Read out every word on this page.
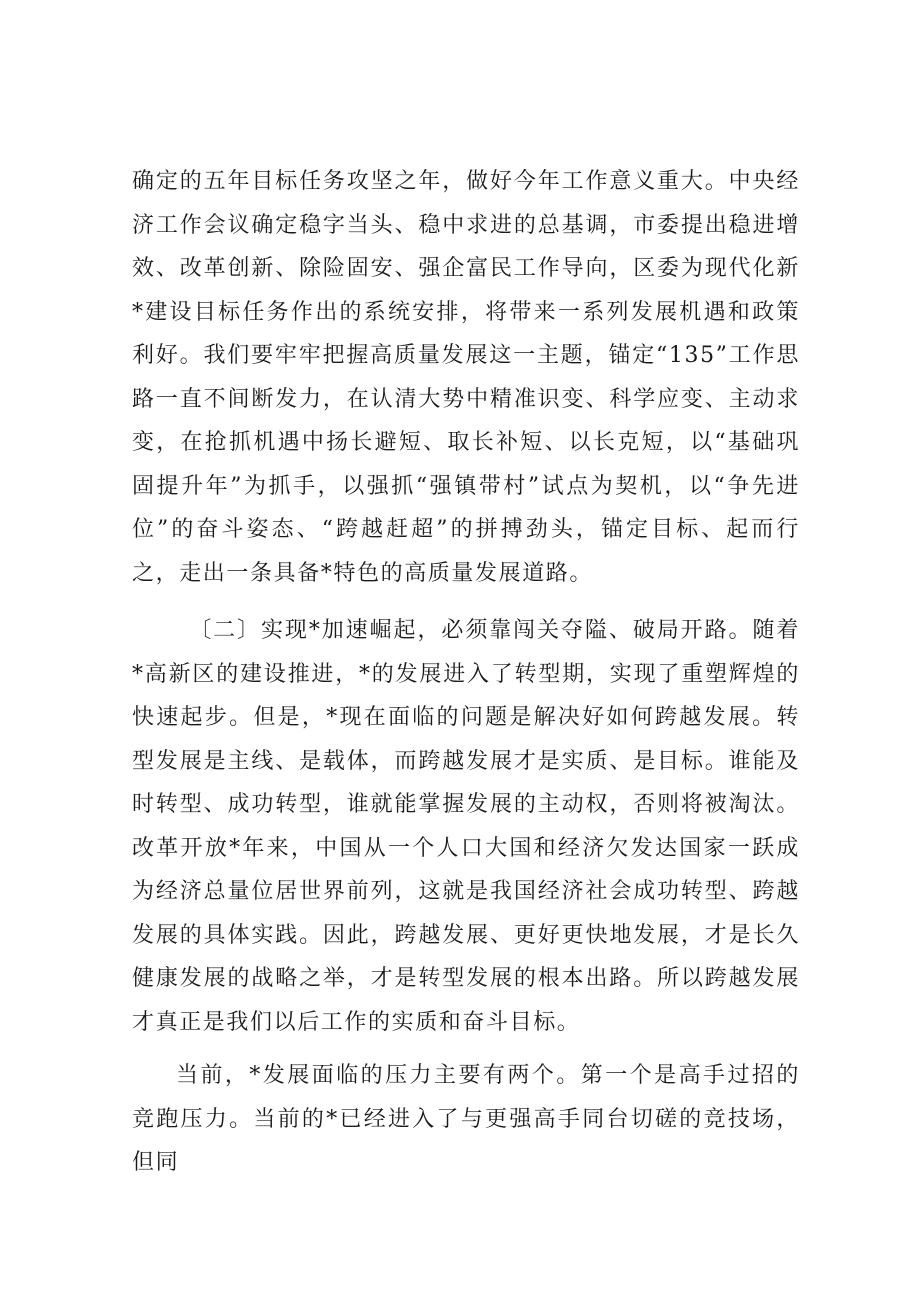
确定的五年目标任务攻坚之年，做好今年工作意义重大。中央经济工作会议确定稳字当头、稳中求进的总基调，市委提出稳进增效、改革创新、除险固安、强企富民工作导向，区委为现代化新*建设目标任务作出的系统安排，将带来一系列发展机遇和政策利好。我们要牢牢把握高质量发展这一主题，锚定“135”工作思路一直不间断发力，在认清大势中精准识变、科学应变、主动求变，在抢抓机遇中扬长避短、取长补短、以长克短，以“基础巩固提升年”为抓手，以强抓“强镇带村”试点为契机，以“争先进位”的奋斗姿态、“跨越赶超”的拼搏劲头，锚定目标、起而行之，走出一条具备*特色的高质量发展道路。

〔二〕实现*加速崛起，必须靠闯关夺隘、破局开路。随着*高新区的建设推进，*的发展进入了转型期，实现了重塑辉煌的快速起步。但是，*现在面临的问题是解决好如何跨越发展。转型发展是主线、是载体，而跨越发展才是实质、是目标。谁能及时转型、成功转型，谁就能掌握发展的主动权，否则将被淘汰。改革开放*年来，中国从一个人口大国和经济欠发达国家一跃成为经济总量位居世界前列，这就是我国经济社会成功转型、跨越发展的具体实践。因此，跨越发展、更好更快地发展，才是长久健康发展的战略之举，才是转型发展的根本出路。所以跨越发展才真正是我们以后工作的实质和奋斗目标。

当前，*发展面临的压力主要有两个。第一个是高手过招的竞跑压力。当前的*已经进入了与更强高手同台切磋的竞技场，但同
